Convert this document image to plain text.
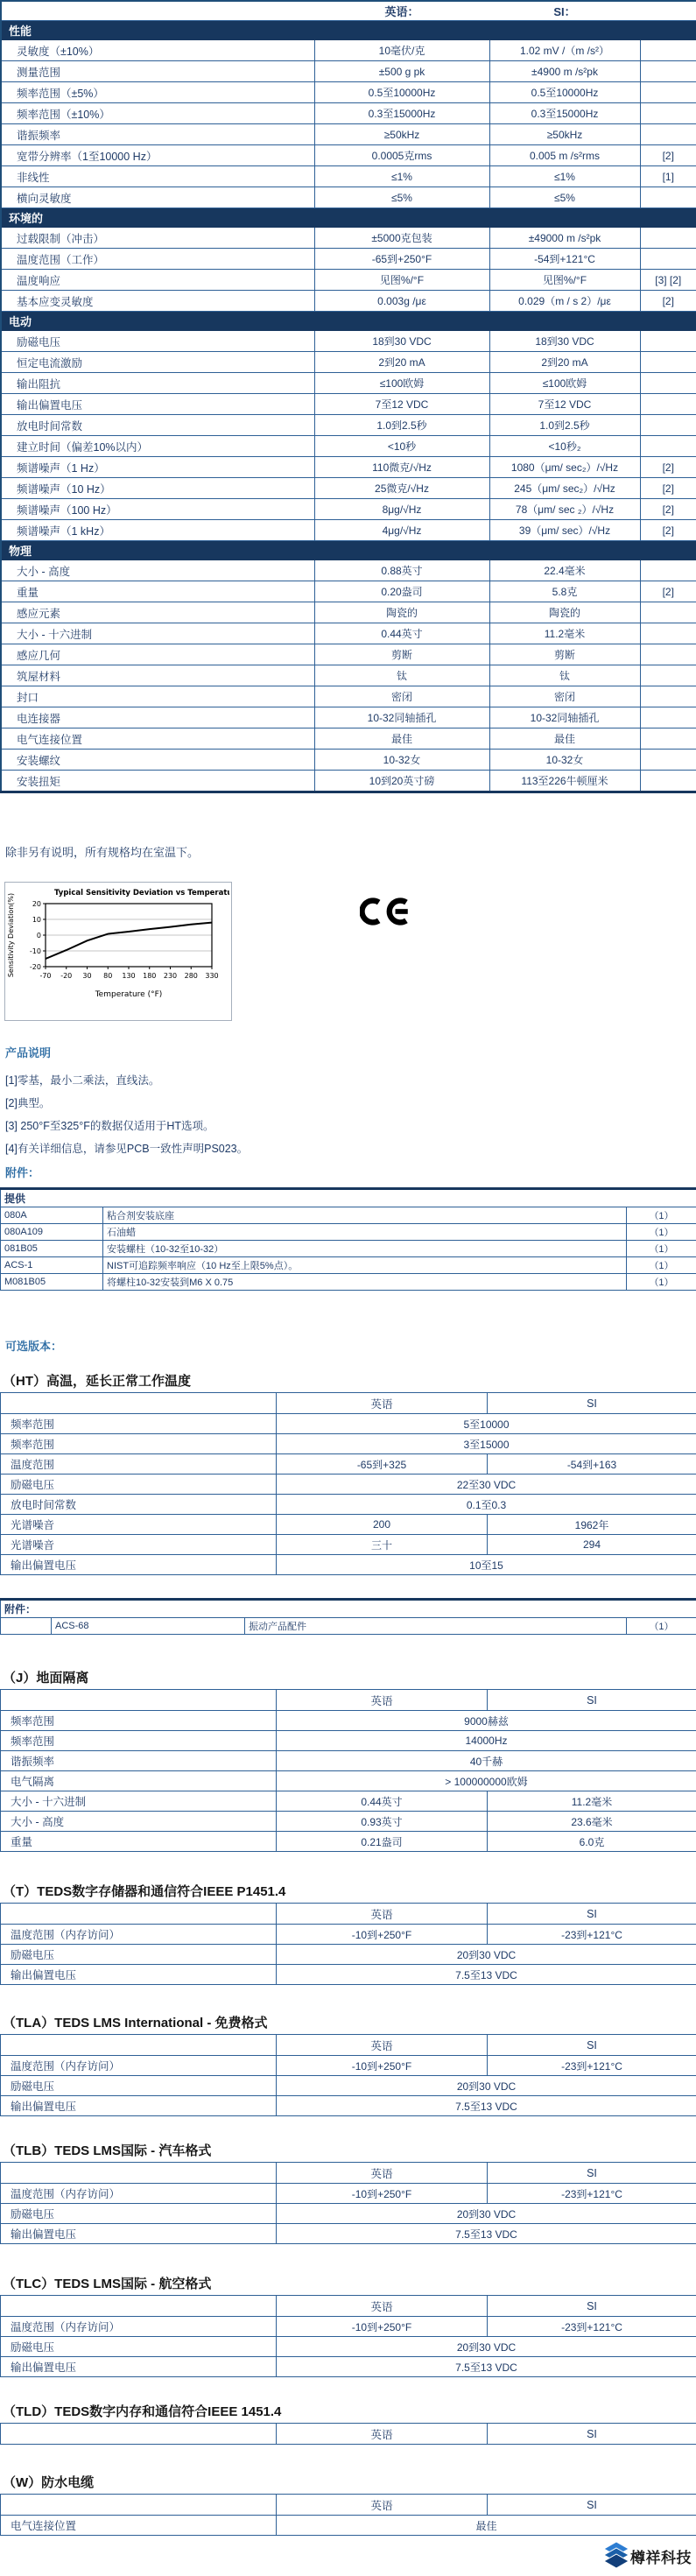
	英语：	SI：	
性能			
灵敏度（±10%）	10毫伏/克	1.02 mV /（m /s²）	
测量范围	±500 g pk	±4900 m /s²pk	
频率范围（±5%）	0.5至10000Hz	0.5至10000Hz	
频率范围（±10%）	0.3至15000Hz	0.3至15000Hz	
谐振频率	≥50kHz	≥50kHz	
宽带分辨率（1至10000 Hz）	0.0005克rms	0.005 m /s²rms	[2]
非线性	≤1%	≤1%	[1]
横向灵敏度	≤5%	≤5%	
环境的			
过载限制（冲击）	±5000克包装	±49000 m /s²pk	
温度范围（工作）	-65到+250°F	-54到+121°C	
温度响应	见图%/°F	见图%/°F	[3] [2]
基本应变灵敏度	0.003g /με	0.029（m / s 2）/με	[2]
电动			
励磁电压	18到30 VDC	18到30 VDC	
恒定电流激励	2到20 mA	2到20 mA	
输出阻抗	≤100欧姆	≤100欧姆	
输出偏置电压	7至12 VDC	7至12 VDC	
放电时间常数	1.0到2.5秒	1.0到2.5秒	
建立时间（偏差10%以内）	<10秒	<10秒₂	
频谱噪声（1 Hz）	110微克/√Hz	1080（μm/ sec₂）/√Hz	[2]
频谱噪声（10 Hz）	25微克/√Hz	245（μm/ sec₂）/√Hz	[2]
频谱噪声（100 Hz）	8μg/√Hz	78（μm/ sec ₂）/√Hz	[2]
频谱噪声（1 kHz）	4μg/√Hz	39（μm/ sec）/√Hz	[2]
物理			
大小 - 高度	0.88英寸	22.4毫米	
重量	0.20盎司	5.8克	[2]
感应元素	陶瓷的	陶瓷的	
大小 - 十六进制	0.44英寸	11.2毫米	
感应几何	剪断	剪断	
筑屋材料	钛	钛	
封口	密闭	密闭	
电连接器	10-32同轴插孔	10-32同轴插孔	
电气连接位置	最佳	最佳	
安装螺纹	10-32女	10-32女	
安装扭矩	10到20英寸磅	113至226牛顿厘米	
除非另有说明，所有规格均在室温下。
Typical Sensitivity Deviation vs Temperature
Sensitivity Deviation(%) 20
10
0
-10
-20
-70 -20 30 80 130 180 230 280 330
Temperature (°F)
产品说明
[1]零基，最小二乘法，直线法。
[2]典型。
[3] 250°F至325°F的数据仅适用于HT选项。
[4]有关详细信息，请参见PCB一致性声明PS023。
附件：
提供		
080A	粘合剂安装底座	（1）
080A109	石油蜡	（1）
081B05	安装螺柱（10-32至10-32）	（1）
ACS-1	NIST可追踪频率响应（10 Hz至上限5%点）。	（1）
M081B05	将螺柱10-32安装到M6 X 0.75	（1）
可选版本：
（HT）高温，延长正常工作温度
	英语	SI
频率范围	5至10000	
频率范围	3至15000	
温度范围	-65到+325	-54到+163
励磁电压	22至30 VDC	
放电时间常数	0.1至0.3	
光谱噪音	200	1962年
光谱噪音	三十	294
输出偏置电压	10至15	
附件：
	ACS-68	振动产品配件	（1）
（J）地面隔离
	英语	SI
频率范围	9000赫兹	
频率范围	14000Hz	
谐振频率	40千赫	
电气隔离	> 100000000欧姆	
大小 - 十六进制	0.44英寸	11.2毫米
大小 - 高度	0.93英寸	23.6毫米
重量	0.21盎司	6.0克
（T）TEDS数字存储器和通信符合IEEE P1451.4
	英语	SI
温度范围（内存访问）	-10到+250°F	-23到+121°C
励磁电压	20到30 VDC	
输出偏置电压	7.5至13 VDC	
（TLA）TEDS LMS International - 免费格式
	英语	SI
温度范围（内存访问）	-10到+250°F	-23到+121°C
励磁电压	20到30 VDC	
输出偏置电压	7.5至13 VDC	
（TLB）TEDS LMS国际 - 汽车格式
	英语	SI
温度范围（内存访问）	-10到+250°F	-23到+121°C
励磁电压	20到30 VDC	
输出偏置电压	7.5至13 VDC	
（TLC）TEDS LMS国际 - 航空格式
	英语	SI
温度范围（内存访问）	-10到+250°F	-23到+121°C
励磁电压	20到30 VDC	
输出偏置电压	7.5至13 VDC	
（TLD）TEDS数字内存和通信符合IEEE 1451.4
	英语	SI
（W）防水电缆
	英语	SI
电气连接位置	最佳	
樽祥科技
